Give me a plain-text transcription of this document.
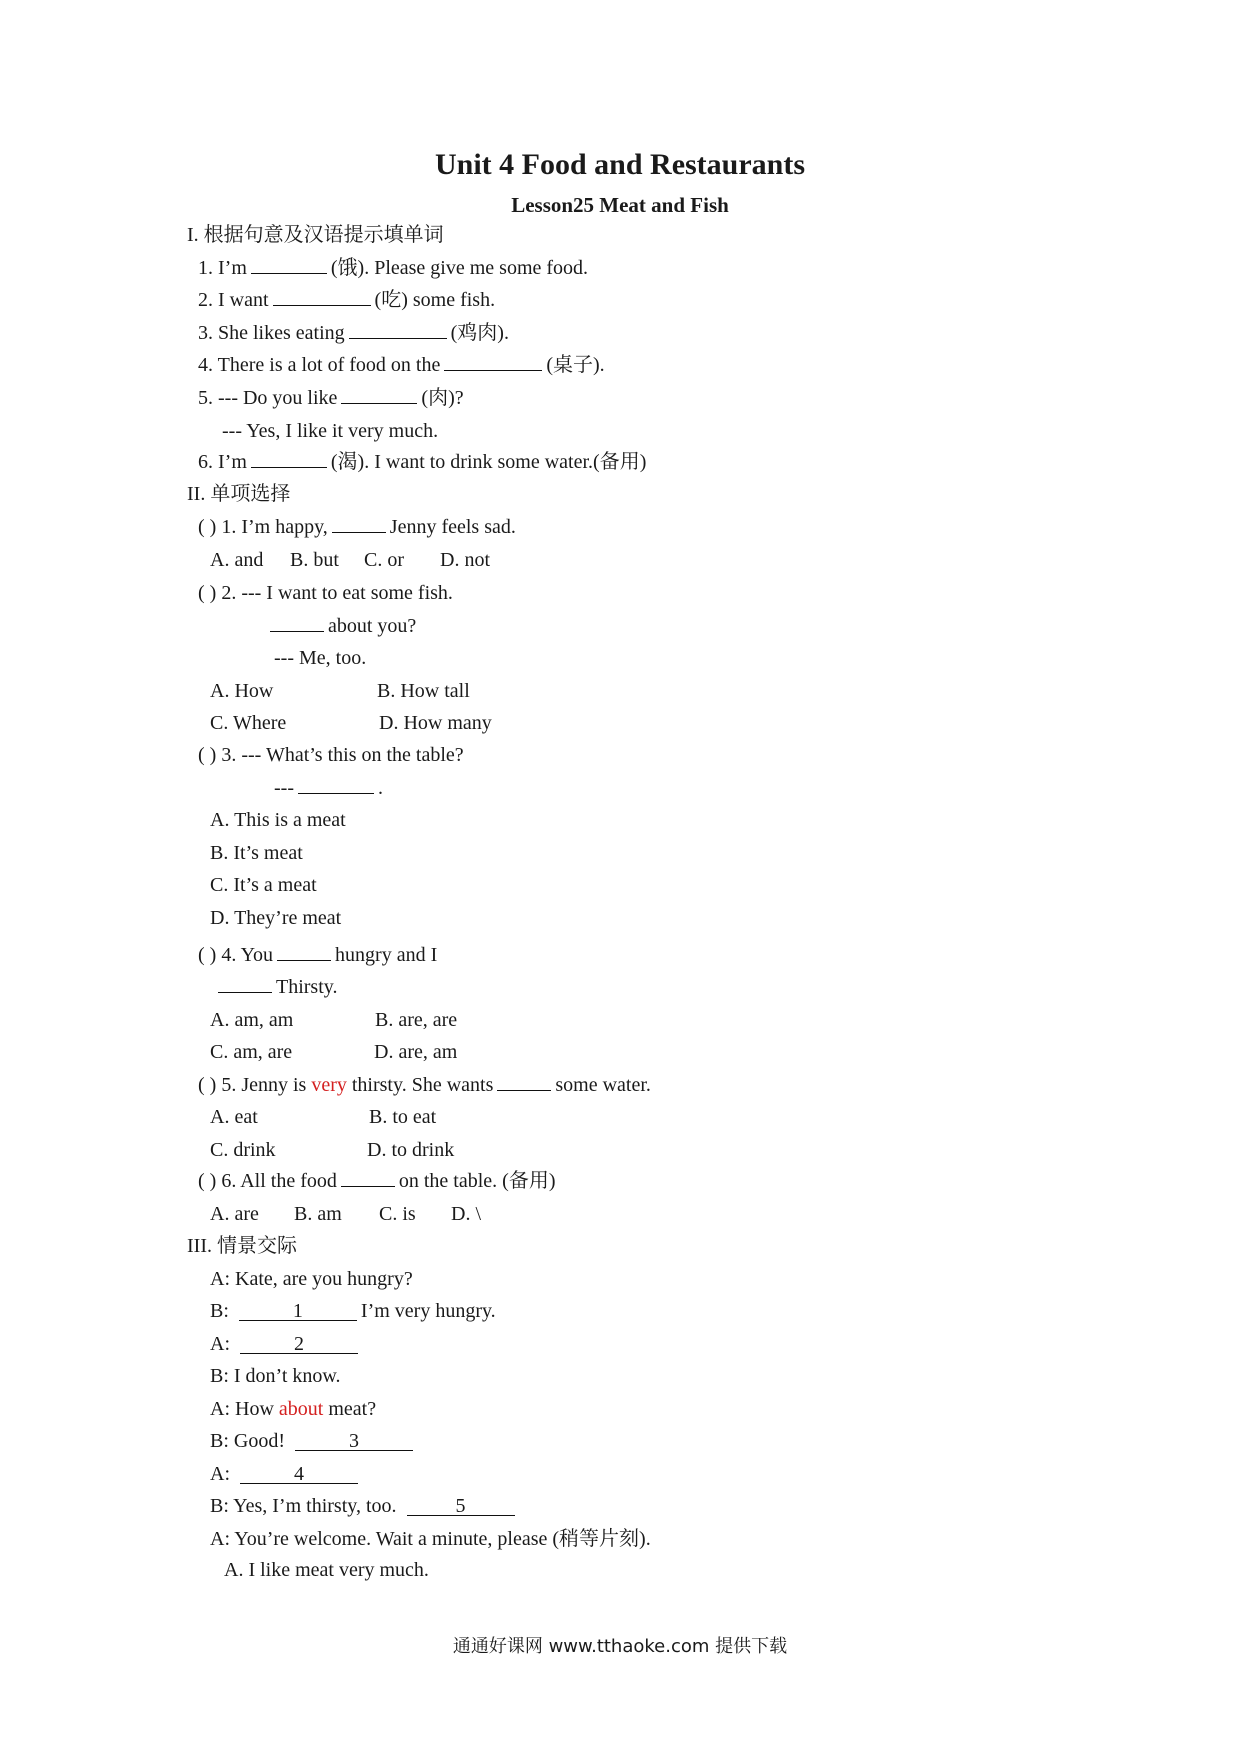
Unit 4 Food and Restaurants
Lesson25 Meat and Fish
I. 根据句意及汉语提示填单词
1. I’m	(饿). Please give me some food.
2. I want	(吃) some fish.
3. She likes eating	(鸡肉).
4. There is a lot of food on the	(桌子).
5. --- Do you like	(肉)?
--- Yes, I like it very much.
6. I’m	(渴). I want to drink some water.(备用)
II. 单项选择
( ) 1. I’m happy,	Jenny feels sad.
A. and B. but C. or D. not
( ) 2. --- I want to eat some fish.
about you?
--- Me, too.
A. How	B. How tall
C. Where	D. How many
( ) 3. --- What’s this on the table?
---	.
A. This is a meat
B. It’s meat
C. It’s a meat
D. They’re meat
( ) 4. You	hungry and I
Thirsty.
A. am, am	B. are, are
C. am, are	D. are, am
( ) 5. Jenny is very thirsty. She wants	some water.
A. eat	B. to eat
C. drink	D. to drink
( ) 6. All the food	on the table. (备用)
A. are B. am C. is D. \
III. 情景交际
A: Kate, are you hungry?
B:	1	I’m very hungry.
A:	2
B: I don’t know.
A: How about meat?
B: Good!	3
A:	4
B: Yes, I’m thirsty, too.	5
A: You’re welcome. Wait a minute, please (稍等片刻).
A. I like meat very much.
通通好课网 www.tthaoke.com 提供下载
